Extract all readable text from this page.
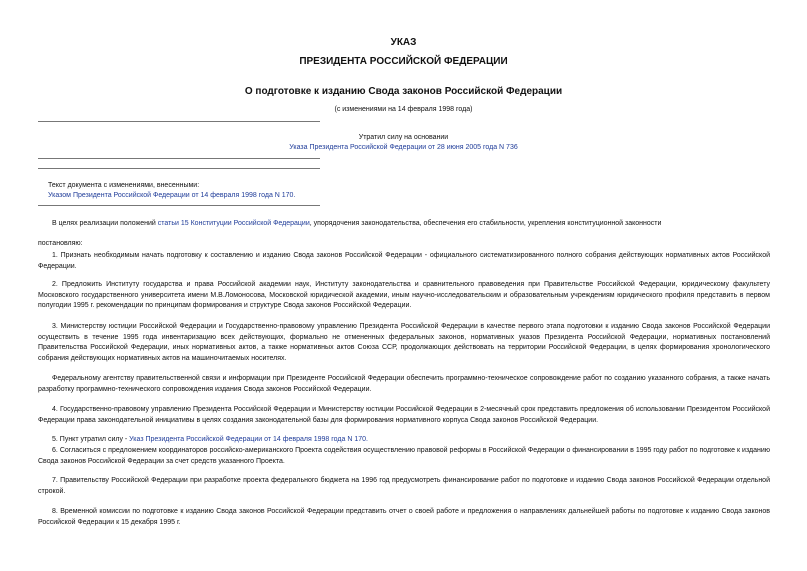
УКАЗ
ПРЕЗИДЕНТА РОССИЙСКОЙ ФЕДЕРАЦИИ
О подготовке к изданию Свода законов Российской Федерации
(с изменениями на 14 февраля 1998 года)
Утратил силу на основании
Указа Президента Российской Федерации от 28 июня 2005 года N 736
Текст документа с изменениями, внесенными:
Указом Президента Российской Федерации от 14 февраля 1998 года N 170.
В целях реализации положений статьи 15 Конституции Российской Федерации, упорядочения законодательства, обеспечения его стабильности, укрепления конституционной законности
постановляю:
1. Признать необходимым начать подготовку к составлению и изданию Свода законов Российской Федерации - официального систематизированного полного собрания действующих нормативных актов Российской Федерации.
2. Предложить Институту государства и права Российской академии наук, Институту законодательства и сравнительного правоведения при Правительстве Российской Федерации, юридическому факультету Московского государственного университета имени М.В.Ломоносова, Московской юридической академии, иным научно-исследовательским и образовательным учреждениям юридического профиля представить в первом полугодии 1995 г. рекомендации по принципам формирования и структуре Свода законов Российской Федерации.
3. Министерству юстиции Российской Федерации и Государственно-правовому управлению Президента Российской Федерации в качестве первого этапа подготовки к изданию Свода законов Российской Федерации осуществить в течение 1995 года инвентаризацию всех действующих, формально не отмененных федеральных законов, нормативных указов Президента Российской Федерации, нормативных постановлений Правительства Российской Федерации, иных нормативных актов, а также нормативных актов Союза ССР, продолжающих действовать на территории Российской Федерации, в целях формирования хронологического собрания действующих нормативных актов на машиночитаемых носителях.
Федеральному агентству правительственной связи и информации при Президенте Российской Федерации обеспечить программно-техническое сопровождение работ по созданию указанного собрания, а также начать разработку программно-технического сопровождения издания Свода законов Российской Федерации.
4. Государственно-правовому управлению Президента Российской Федерации и Министерству юстиции Российской Федерации в 2-месячный срок представить предложения об использовании Президентом Российской Федерации права законодательной инициативы в целях создания законодательной базы для формирования нормативного корпуса Свода законов Российской Федерации.
5. Пункт утратил силу - Указ Президента Российской Федерации от 14 февраля 1998 года N 170.
6. Согласиться с предложением координаторов российско-американского Проекта содействия осуществлению правовой реформы в Российской Федерации о финансировании в 1995 году работ по подготовке к изданию Свода законов Российской Федерации за счет средств указанного Проекта.
7. Правительству Российской Федерации при разработке проекта федерального бюджета на 1996 год предусмотреть финансирование работ по подготовке и изданию Свода законов Российской Федерации отдельной строкой.
8. Временной комиссии по подготовке к изданию Свода законов Российской Федерации представить отчет о своей работе и предложения о направлениях дальнейшей работы по подготовке к изданию Свода законов Российской Федерации к 15 декабря 1995 г.
